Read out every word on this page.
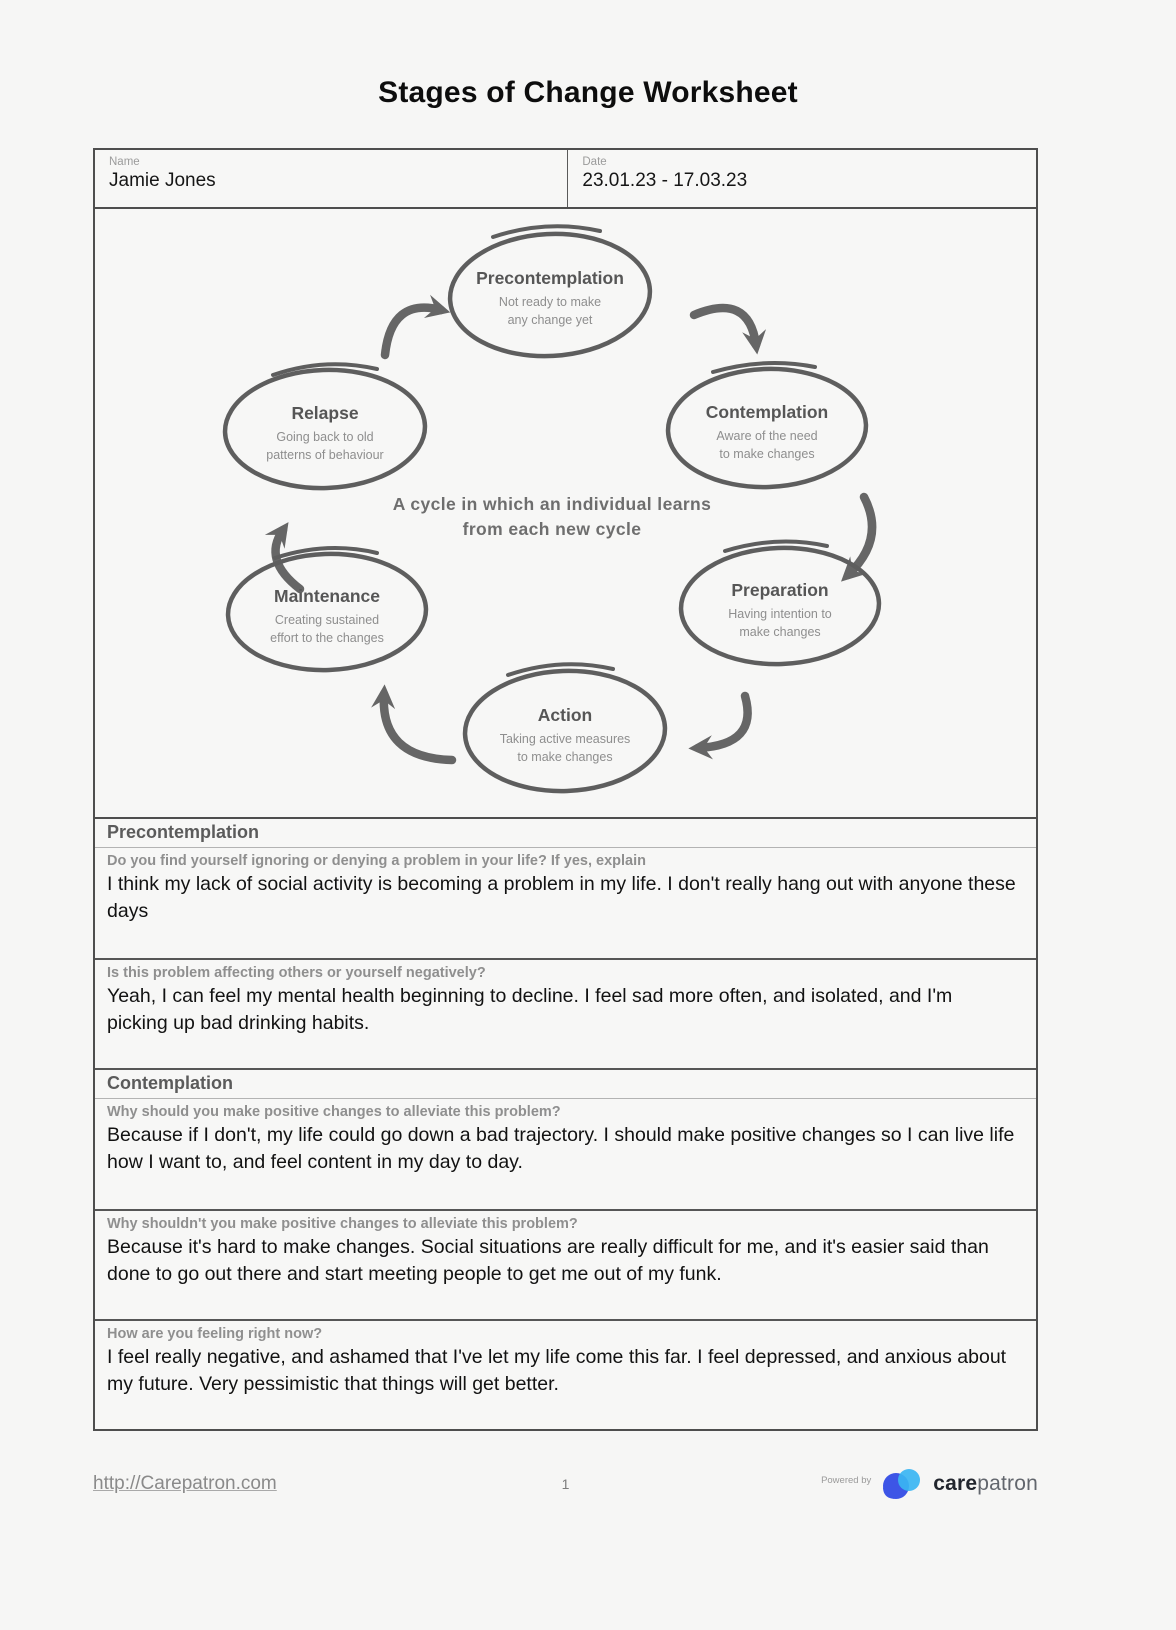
Stages of Change Worksheet
Name
Jamie Jones
Date
23.01.23 - 17.03.23
Precontemplation
Not ready to make
any change yet
Contemplation
Aware of the need
to make changes
Preparation
Having intention to
make changes
Action
Taking active measures
to make changes
Maintenance
Creating sustained
effort to the changes
Relapse
Going back to old
patterns of behaviour
A cycle in which an individual learns
from each new cycle
Precontemplation
Do you find yourself ignoring or denying a problem in your life? If yes, explain
I think my lack of social activity is becoming a problem in my life. I don't really hang out with anyone these days
Is this problem affecting others or yourself negatively?
Yeah, I can feel my mental health beginning to decline. I feel sad more often, and isolated, and I'm picking up bad drinking habits.
Contemplation
Why should you make positive changes to alleviate this problem?
Because if I don't, my life could go down a bad trajectory. I should make positive changes so I can live life how I want to, and feel content in my day to day.
Why shouldn't you make positive changes to alleviate this problem?
Because it's hard to make changes. Social situations are really difficult for me, and it's easier said than done to go out there and start meeting people to get me out of my funk.
How are you feeling right now?
I feel really negative, and ashamed that I've let my life come this far. I feel depressed, and anxious about my future. Very pessimistic that things will get better.
http://Carepatron.com	1	Powered by	carepatron
